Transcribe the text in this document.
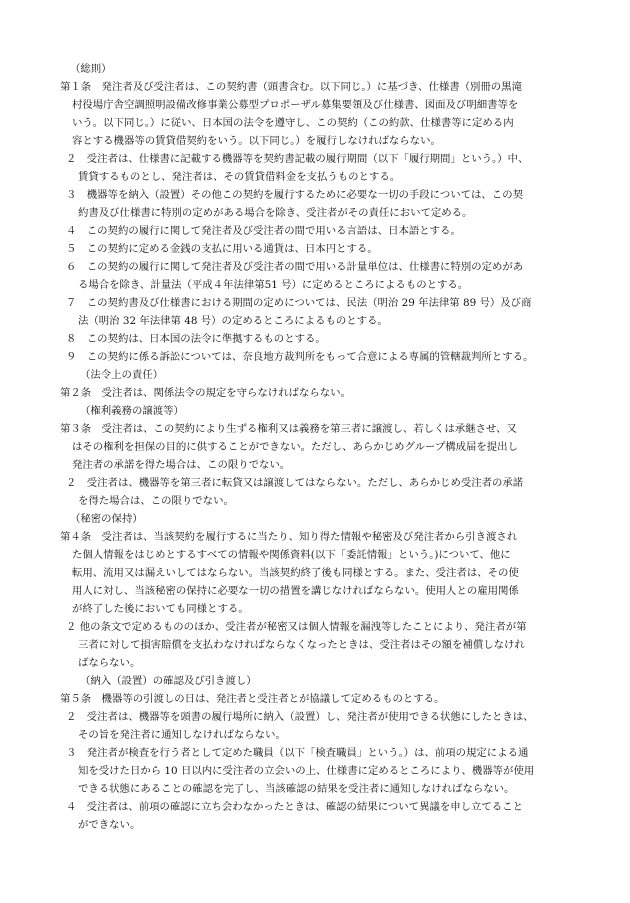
（総則）
第１条　発注者及び受注者は、この契約書（頭書含む。以下同じ。）に基づき、仕様書（別冊の黒滝
村役場庁舎空調照明設備改修事業公募型プロポーザル募集要領及び仕様書、図面及び明細書等を
いう。以下同じ。）に従い、日本国の法令を遵守し、この契約（この約款、仕様書等に定める内
容とする機器等の賃貸借契約をいう。以下同じ。）を履行しなければならない。
２　受注者は、仕様書に記載する機器等を契約書記載の履行期間（以下「履行期間」という。）中、
賃貸するものとし、発注者は、その賃貸借料金を支払うものとする。
３　機器等を納入（設置）その他この契約を履行するために必要な一切の手段については、この契
約書及び仕様書に特別の定めがある場合を除き、受注者がその責任において定める。
４　この契約の履行に関して発注者及び受注者の間で用いる言語は、日本語とする。
５　この契約に定める金銭の支払に用いる通貨は、日本円とする。
６　この契約の履行に関して発注者及び受注者の間で用いる計量単位は、仕様書に特別の定めがあ
る場合を除き、計量法（平成４年法律第51 号）に定めるところによるものとする。
７　この契約書及び仕様書における期間の定めについては、民法（明治 29 年法律第 89 号）及び商
法（明治 32 年法律第 48 号）の定めるところによるものとする。
８　この契約は、日本国の法令に準拠するものとする。
９　この契約に係る訴訟については、奈良地方裁判所をもって合意による専属的管轄裁判所とする。
（法令上の責任）
第２条　受注者は、関係法令の規定を守らなければならない。
（権利義務の譲渡等）
第３条　受注者は、この契約により生ずる権利又は義務を第三者に譲渡し、若しくは承継させ、又
はその権利を担保の目的に供することができない。ただし、あらかじめグループ構成届を提出し
発注者の承諾を得た場合は、この限りでない。
２　受注者は、機器等を第三者に転貸又は譲渡してはならない。ただし、あらかじめ受注者の承諾
を得た場合は、この限りでない。
（秘密の保持）
第４条　受注者は、当該契約を履行するに当たり、知り得た情報や秘密及び発注者から引き渡され
た個人情報をはじめとするすべての情報や関係資料(以下「委託情報」という。)について、他に
転用、流用又は漏えいしてはならない。当該契約終了後も同様とする。また、受注者は、その使
用人に対し、当該秘密の保持に必要な一切の措置を講じなければならない。使用人との雇用関係
が終了した後においても同様とする。
２ 他の条文で定めるもののほか、受注者が秘密又は個人情報を漏洩等したことにより、発注者が第
三者に対して損害賠償を支払わなければならなくなったときは、受注者はその額を補償しなけれ
ばならない。
（納入（設置）の確認及び引き渡し）
第５条　機器等の引渡しの日は、発注者と受注者とが協議して定めるものとする。
２　受注者は、機器等を頭書の履行場所に納入（設置）し、発注者が使用できる状態にしたときは、
その旨を発注者に通知しなければならない。
３　発注者が検査を行う者として定めた職員（以下「検査職員」という。）は、前項の規定による通
知を受けた日から 10 日以内に受注者の立会いの上、仕様書に定めるところにより、機器等が使用
できる状態にあることの確認を完了し、当該確認の結果を受注者に通知しなければならない。
４　受注者は、前項の確認に立ち会わなかったときは、確認の結果について異議を申し立てること
ができない。
